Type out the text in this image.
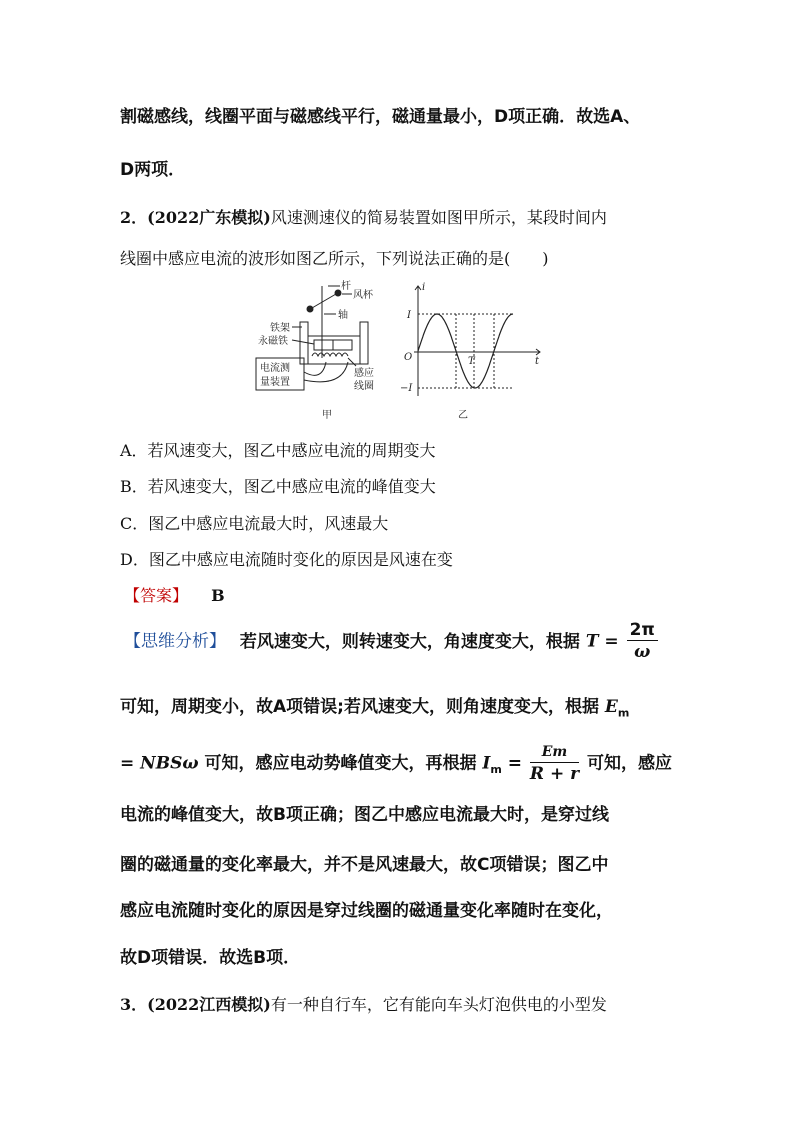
割磁感线，线圈平面与磁感线平行，磁通量最小，D项正确．故选A、
D两项．
2．(2022广东模拟)风速测速仪的简易装置如图甲所示，某段时间内
线圈中感应电流的波形如图乙所示，下列说法正确的是(　　)
杆
风杯
轴
铁架
永磁铁
电流测
量装置
感应
线圈
甲
i
t
O
I
−I
T
乙
A．若风速变大，图乙中感应电流的周期变大
B．若风速变大，图乙中感应电流的峰值变大
C．图乙中感应电流最大时，风速最大
D．图乙中感应电流随时变化的原因是风速在变
【答案】 B
【思维分析】 若风速变大，则转速变大，角速度变大，根据 $T = \frac{2\pi}{\omega}$
可知，周期变小，故A项错误;若风速变大，则角速度变大，根据 $E_m$
= NBSω 可知，感应电动势峰值变大，再根据 $I_m = \frac{Em}{R + r}$ 可知，感应
电流的峰值变大，故B项正确；图乙中感应电流最大时，是穿过线
圈的磁通量的变化率最大，并不是风速最大，故C项错误；图乙中
感应电流随时变化的原因是穿过线圈的磁通量变化率随时在变化，
故D项错误．故选B项．
3．(2022江西模拟)有一种自行车，它有能向车头灯泡供电的小型发
